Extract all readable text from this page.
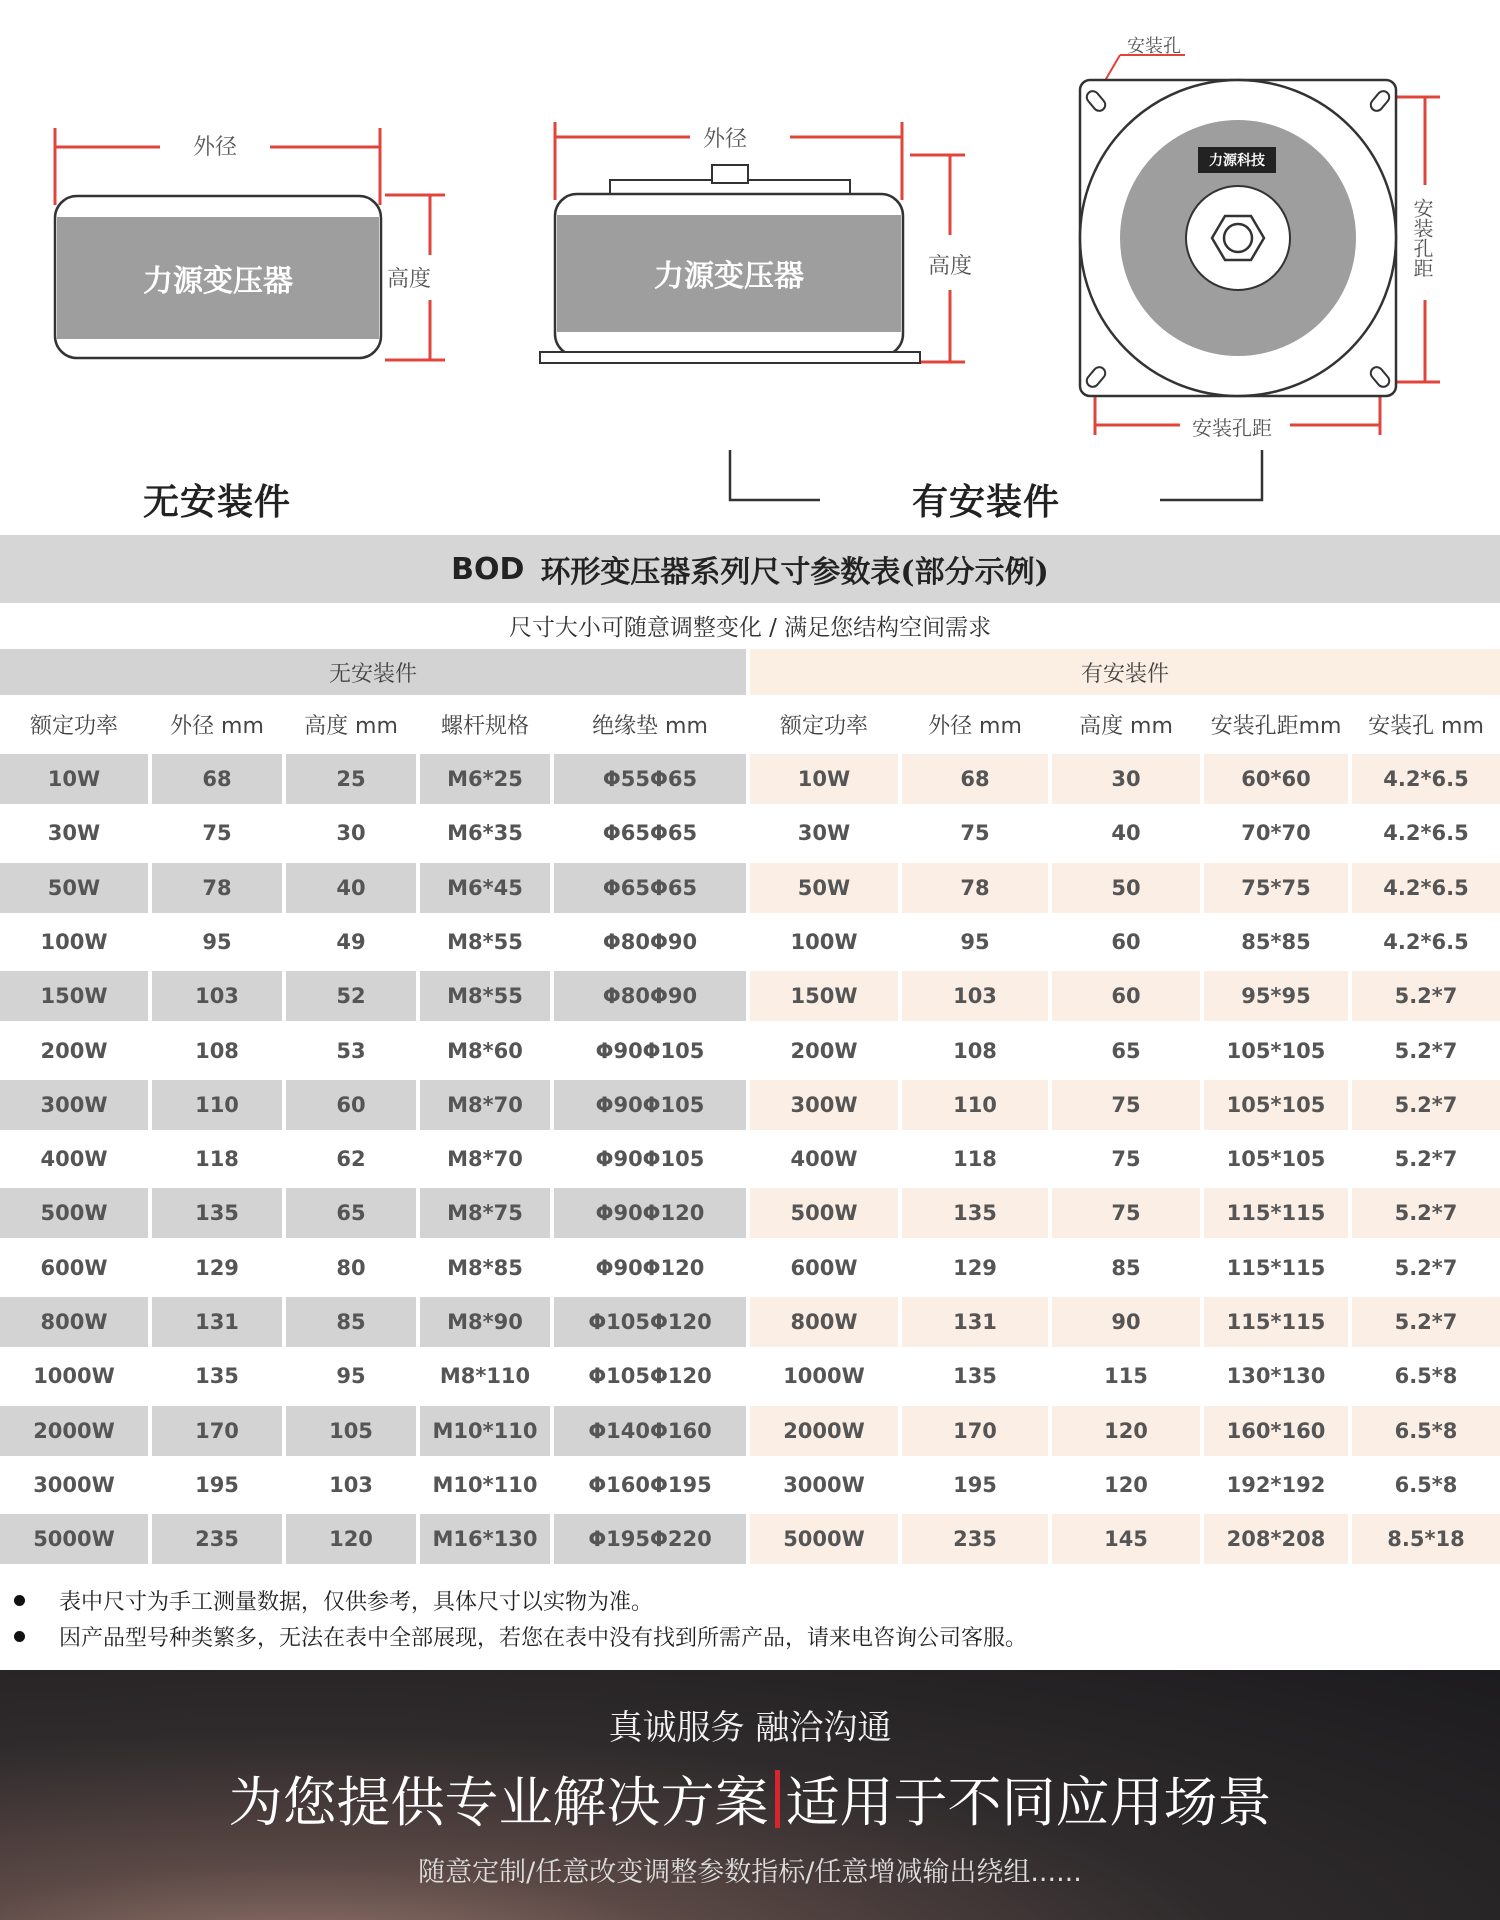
外径
高度
力源变压器
无安装件
外径
高度
力源变压器
安装孔
力源科技
安装孔距
安装孔距
有安装件
BOD 环形变压器系列尺寸参数表(部分示例)
尺寸大小可随意调整变化 / 满足您结构空间需求
无安装件	有安装件
额定功率	外径 mm	高度 mm	螺杆规格	绝缘垫 mm	额定功率	外径 mm	高度 mm	安装孔距mm	安装孔 mm
10W	68	25	M6*25	Φ55Φ65	10W	68	30	60*60	4.2*6.5
30W	75	30	M6*35	Φ65Φ65	30W	75	40	70*70	4.2*6.5
50W	78	40	M6*45	Φ65Φ65	50W	78	50	75*75	4.2*6.5
100W	95	49	M8*55	Φ80Φ90	100W	95	60	85*85	4.2*6.5
150W	103	52	M8*55	Φ80Φ90	150W	103	60	95*95	5.2*7
200W	108	53	M8*60	Φ90Φ105	200W	108	65	105*105	5.2*7
300W	110	60	M8*70	Φ90Φ105	300W	110	75	105*105	5.2*7
400W	118	62	M8*70	Φ90Φ105	400W	118	75	105*105	5.2*7
500W	135	65	M8*75	Φ90Φ120	500W	135	75	115*115	5.2*7
600W	129	80	M8*85	Φ90Φ120	600W	129	85	115*115	5.2*7
800W	131	85	M8*90	Φ105Φ120	800W	131	90	115*115	5.2*7
1000W	135	95	M8*110	Φ105Φ120	1000W	135	115	130*130	6.5*8
2000W	170	105	M10*110	Φ140Φ160	2000W	170	120	160*160	6.5*8
3000W	195	103	M10*110	Φ160Φ195	3000W	195	120	192*192	6.5*8
5000W	235	120	M16*130	Φ195Φ220	5000W	235	145	208*208	8.5*18
表中尺寸为手工测量数据，仅供参考，具体尺寸以实物为准。
因产品型号种类繁多，无法在表中全部展现，若您在表中没有找到所需产品，请来电咨询公司客服。
真诚服务 融洽沟通
为您提供专业解决方案 适用于不同应用场景
随意定制/任意改变调整参数指标/任意增减输出绕组......
